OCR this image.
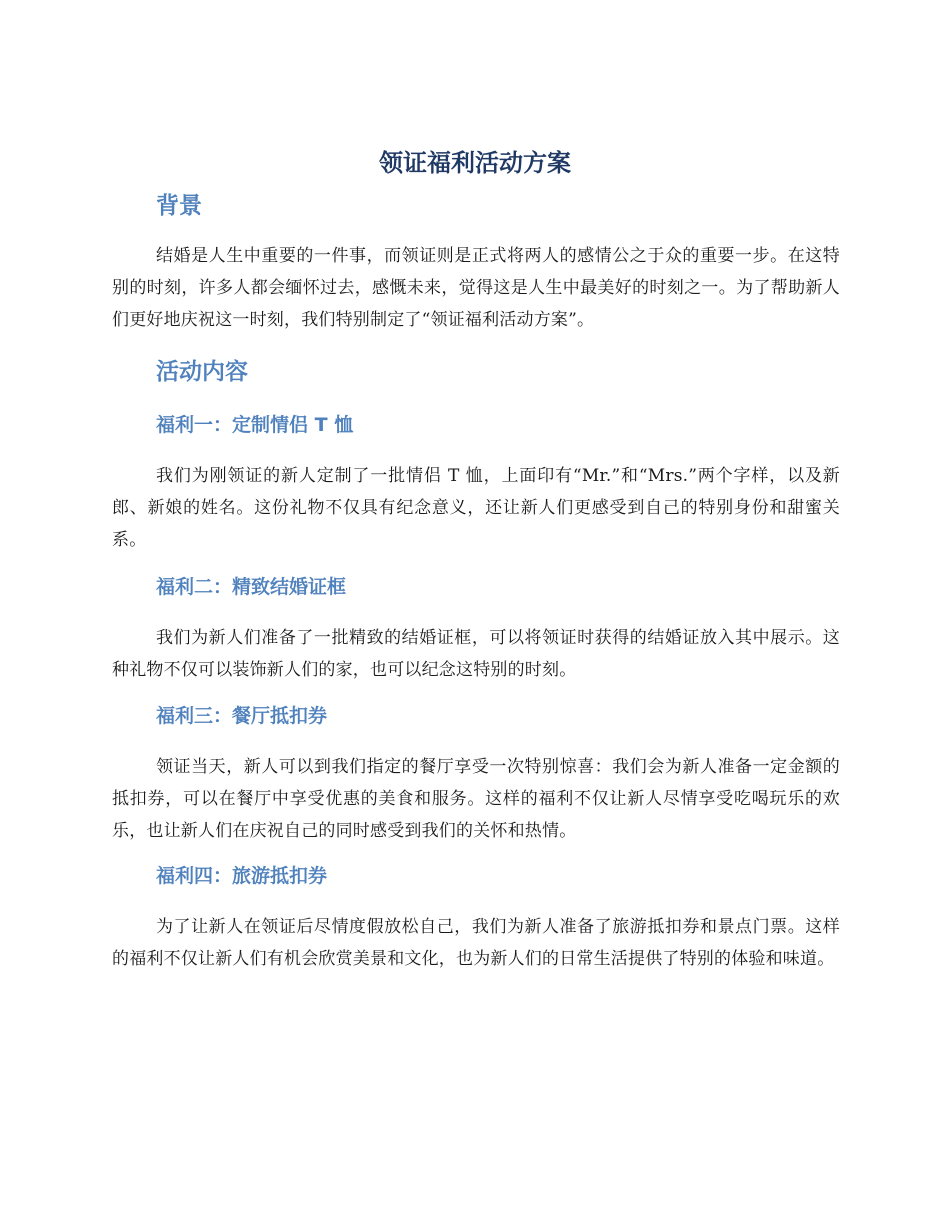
领证福利活动方案
背景

结婚是人生中重要的一件事，而领证则是正式将两人的感情公之于众的重要一步。在这特别的时刻，许多人都会缅怀过去，感慨未来，觉得这是人生中最美好的时刻之一。为了帮助新人们更好地庆祝这一时刻，我们特别制定了“领证福利活动方案”。

活动内容
福利一：定制情侣 T 恤

我们为刚领证的新人定制了一批情侣 T 恤，上面印有“Mr.”和“Mrs.”两个字样，以及新郎、新娘的姓名。这份礼物不仅具有纪念意义，还让新人们更感受到自己的特别身份和甜蜜关系。

福利二：精致结婚证框

我们为新人们准备了一批精致的结婚证框，可以将领证时获得的结婚证放入其中展示。这种礼物不仅可以装饰新人们的家，也可以纪念这特别的时刻。

福利三：餐厅抵扣券

领证当天，新人可以到我们指定的餐厅享受一次特别惊喜：我们会为新人准备一定金额的抵扣券，可以在餐厅中享受优惠的美食和服务。这样的福利不仅让新人尽情享受吃喝玩乐的欢乐，也让新人们在庆祝自己的同时感受到我们的关怀和热情。

福利四：旅游抵扣券

为了让新人在领证后尽情度假放松自己，我们为新人准备了旅游抵扣券和景点门票。这样的福利不仅让新人们有机会欣赏美景和文化，也为新人们的日常生活提供了特别的体验和味道。
